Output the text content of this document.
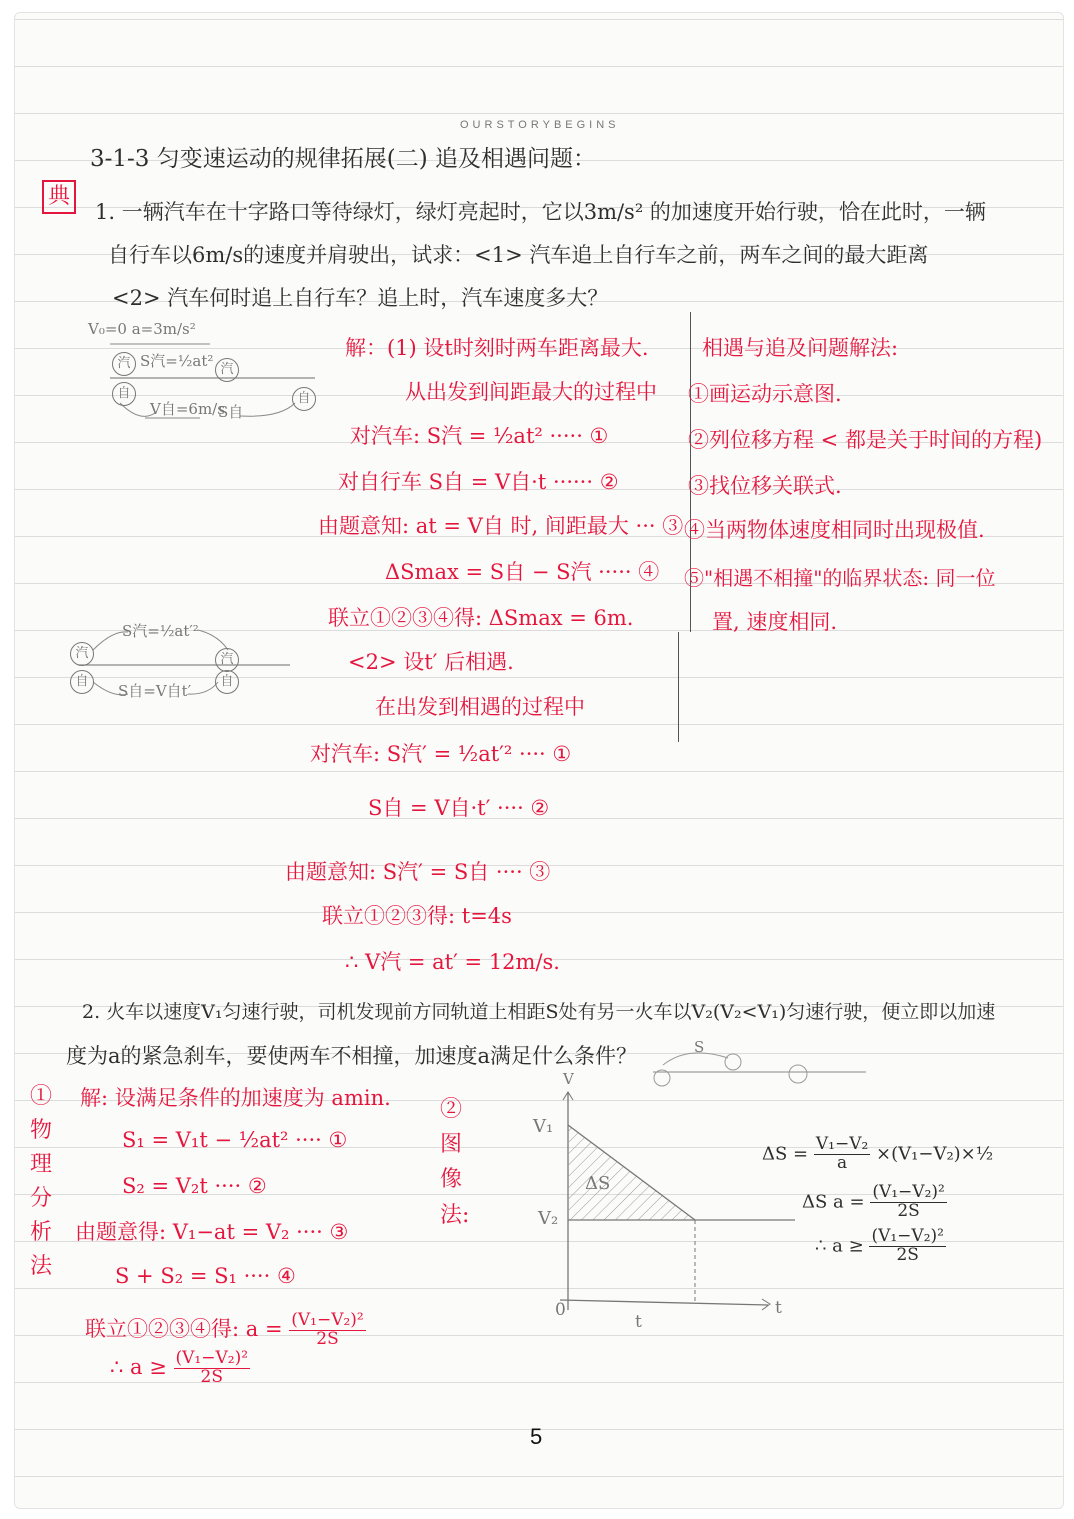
OURSTORYBEGINS
3-1-3 匀变速运动的规律拓展(二) 追及相遇问题：
典
1. 一辆汽车在十字路口等待绿灯，绿灯亮起时，它以3m/s² 的加速度开始行驶，恰在此时，一辆
自行车以6m/s的速度并肩驶出，试求：<1> 汽车追上自行车之前，两车之间的最大距离
<2> 汽车何时追上自行车？追上时，汽车速度多大？
V₀=0 a=3m/s²
汽 S汽=½at² 汽
自	自
V自=6m/s
S自
解：(1) 设t时刻时两车距离最大.
从出发到间距最大的过程中
对汽车: S汽 = ½at² ····· ①
对自行车 S自 = V自·t ······ ②
由题意知: at = V自 时, 间距最大 ··· ③
ΔSmax = S自 − S汽 ····· ④
联立①②③④得: ΔSmax = 6m.
<2> 设t′ 后相遇.
在出发到相遇的过程中
对汽车: S汽′ = ½at′² ···· ①
S自 = V自·t′ ···· ②
由题意知: S汽′ = S自 ···· ③
联立①②③得: t=4s
∴ V汽 = at′ = 12m/s.
相遇与追及问题解法:
①画运动示意图.
②列位移方程 < 都是关于时间的方程)
③找位移关联式.
④当两物体速度相同时出现极值.
⑤"相遇不相撞"的临界状态: 同一位
置, 速度相同.
S汽=½at′²
汽	汽
自	自
S自=V自t′
2. 火车以速度V₁匀速行驶，司机发现前方同轨道上相距S处有另一火车以V₂(V₂<V₁)匀速行驶，便立即以加速
度为a的紧急刹车，要使两车不相撞，加速度a满足什么条件？	S
① 物理分析法
解: 设满足条件的加速度为 amin.
S₁ = V₁t − ½at² ···· ①
S₂ = V₂t ···· ②
由题意得: V₁−at = V₂ ···· ③
S + S₂ = S₁ ···· ④
联立①②③④得: $a = \frac{\text{(V₁−V₂)²}}{2S}$
∴ $a \ge \frac{\text{(V₁−V₂)²}}{2S}$
② 图像法:
V
V₁
V₂
ΔS
0
t
t
$\Delta S = \frac{\text{V₁−V₂}}{a}$ ×(V₁−V₂)×½
ΔS $a = \frac{\text{(V₁−V₂)²}}{2S}$
∴ $a \ge \frac{\text{(V₁−V₂)²}}{2S}$
5
